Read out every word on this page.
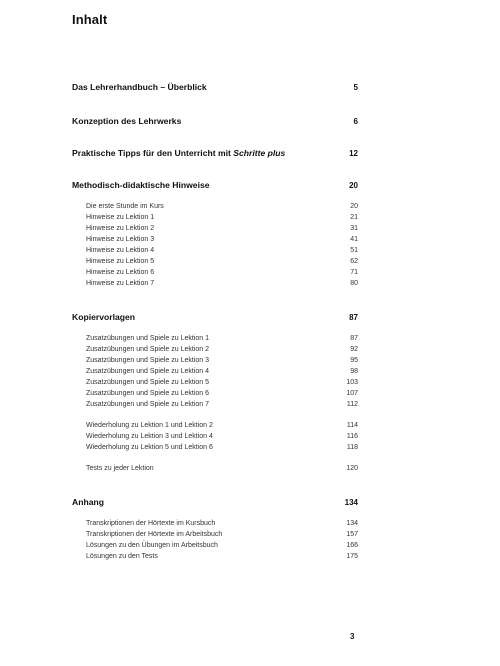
Inhalt
Das Lehrerhandbuch – Überblick	5
Konzeption des Lehrwerks	6
Praktische Tipps für den Unterricht mit Schritte plus	12
Methodisch-didaktische Hinweise	20
Die erste Stunde im Kurs	20
Hinweise zu Lektion 1	21
Hinweise zu Lektion 2	31
Hinweise zu Lektion 3	41
Hinweise zu Lektion 4	51
Hinweise zu Lektion 5	62
Hinweise zu Lektion 6	71
Hinweise zu Lektion 7	80
Kopiervorlagen	87
Zusatzübungen und Spiele zu Lektion 1	87
Zusatzübungen und Spiele zu Lektion 2	92
Zusatzübungen und Spiele zu Lektion 3	95
Zusatzübungen und Spiele zu Lektion 4	98
Zusatzübungen und Spiele zu Lektion 5	103
Zusatzübungen und Spiele zu Lektion 6	107
Zusatzübungen und Spiele zu Lektion 7	112
Wiederholung zu Lektion 1 und Lektion 2	114
Wiederholung zu Lektion 3 und Lektion 4	116
Wiederholung zu Lektion 5 und Lektion 6	118
Tests zu jeder Lektion	120
Anhang	134
Transkriptionen der Hörtexte im Kursbuch	134
Transkriptionen der Hörtexte im Arbeitsbuch	157
Lösungen zu den Übungen im Arbeitsbuch	166
Lösungen zu den Tests	175
3
